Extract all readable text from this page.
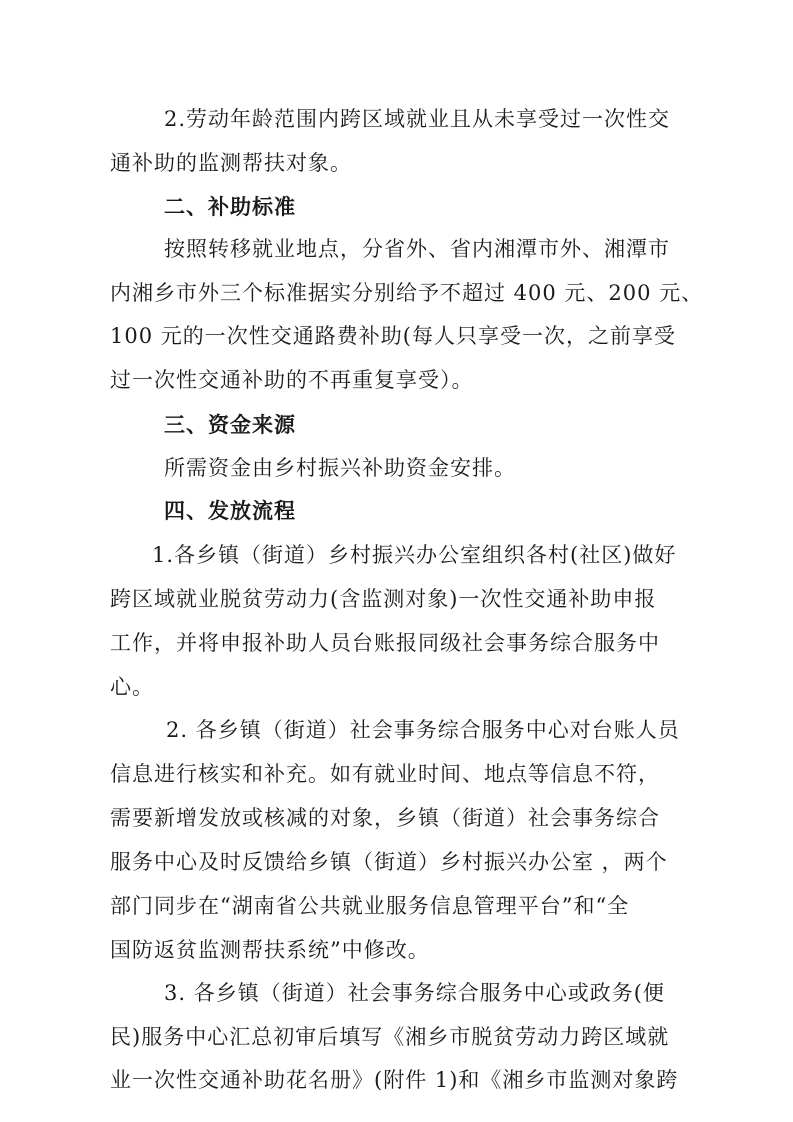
2.劳动年龄范围内跨区域就业且从未享受过一次性交
通补助的监测帮扶对象。
二、补助标准
按照转移就业地点，分省外、省内湘潭市外、湘潭市
内湘乡市外三个标准据实分别给予不超过 400 元、200 元、
100 元的一次性交通路费补助(每人只享受一次，之前享受
过一次性交通补助的不再重复享受）。
三、资金来源
所需资金由乡村振兴补助资金安排。
四、发放流程
1.各乡镇（街道）乡村振兴办公室组织各村(社区)做好
跨区域就业脱贫劳动力(含监测对象)一次性交通补助申报
工作，并将申报补助人员台账报同级社会事务综合服务中
心。
2. 各乡镇（街道）社会事务综合服务中心对台账人员
信息进行核实和补充。如有就业时间、地点等信息不符，
需要新增发放或核减的对象，乡镇（街道）社会事务综合
服务中心及时反馈给乡镇（街道）乡村振兴办公室 ，两个
部门同步在“湖南省公共就业服务信息管理平台”和“全
国防返贫监测帮扶系统”中修改。
3. 各乡镇（街道）社会事务综合服务中心或政务(便
民)服务中心汇总初审后填写《湘乡市脱贫劳动力跨区域就
业一次性交通补助花名册》(附件 1)和《湘乡市监测对象跨
